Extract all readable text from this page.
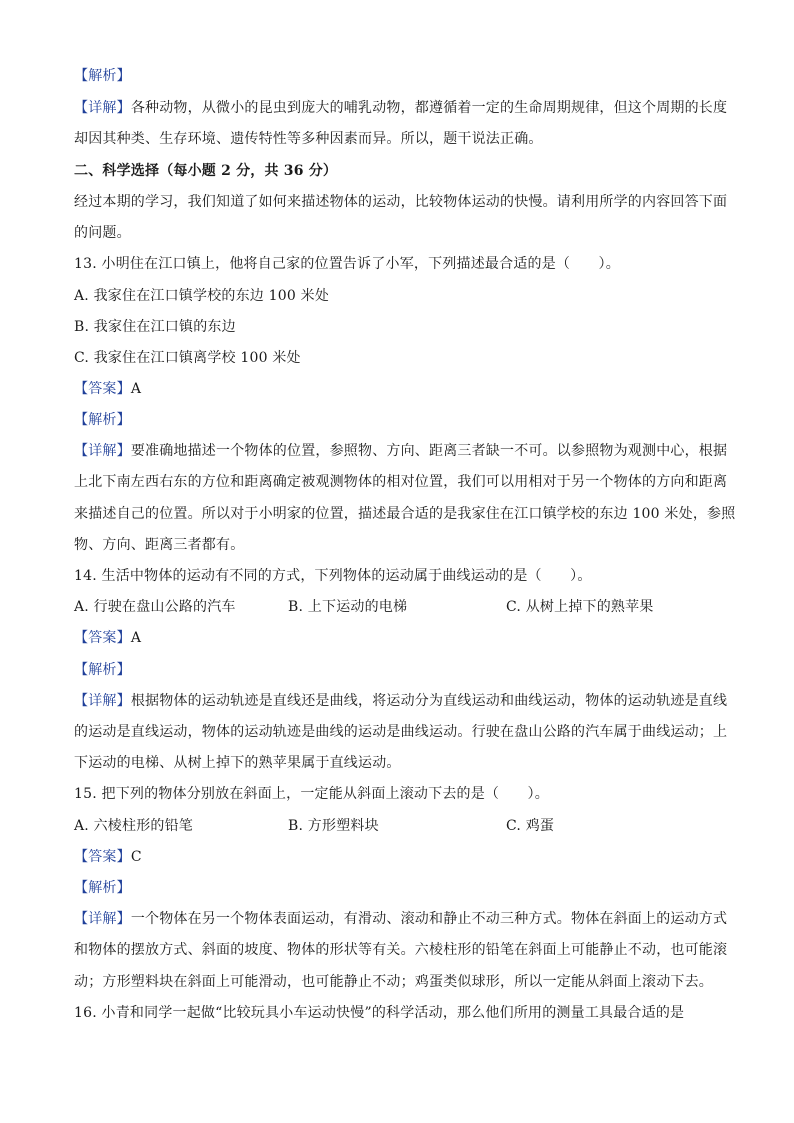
【解析】
【详解】各种动物，从微小的昆虫到庞大的哺乳动物，都遵循着一定的生命周期规律，但这个周期的长度
却因其种类、生存环境、遗传特性等多种因素而异。所以，题干说法正确。
二、科学选择（每小题 2 分，共 36 分）
经过本期的学习，我们知道了如何来描述物体的运动，比较物体运动的快慢。请利用所学的内容回答下面
的问题。
13. 小明住在江口镇上，他将自己家的位置告诉了小军，下列描述最合适的是（　　）。
A. 我家住在江口镇学校的东边 100 米处
B. 我家住在江口镇的东边
C. 我家住在江口镇离学校 100 米处
【答案】A
【解析】
【详解】要准确地描述一个物体的位置，参照物、方向、距离三者缺一不可。以参照物为观测中心，根据
上北下南左西右东的方位和距离确定被观测物体的相对位置，我们可以用相对于另一个物体的方向和距离
来描述自己的位置。所以对于小明家的位置，描述最合适的是我家住在江口镇学校的东边 100 米处，参照
物、方向、距离三者都有。
14. 生活中物体的运动有不同的方式，下列物体的运动属于曲线运动的是（　　）。
A. 行驶在盘山公路的汽车	B. 上下运动的电梯	C. 从树上掉下的熟苹果
【答案】A
【解析】
【详解】根据物体的运动轨迹是直线还是曲线，将运动分为直线运动和曲线运动，物体的运动轨迹是直线
的运动是直线运动，物体的运动轨迹是曲线的运动是曲线运动。行驶在盘山公路的汽车属于曲线运动；上
下运动的电梯、从树上掉下的熟苹果属于直线运动。
15. 把下列的物体分别放在斜面上，一定能从斜面上滚动下去的是（　　）。
A. 六棱柱形的铅笔	B. 方形塑料块	C. 鸡蛋
【答案】C
【解析】
【详解】一个物体在另一个物体表面运动，有滑动、滚动和静止不动三种方式。物体在斜面上的运动方式
和物体的摆放方式、斜面的坡度、物体的形状等有关。六棱柱形的铅笔在斜面上可能静止不动，也可能滚
动；方形塑料块在斜面上可能滑动，也可能静止不动；鸡蛋类似球形，所以一定能从斜面上滚动下去。
16. 小青和同学一起做“比较玩具小车运动快慢”的科学活动，那么他们所用的测量工具最合适的是
